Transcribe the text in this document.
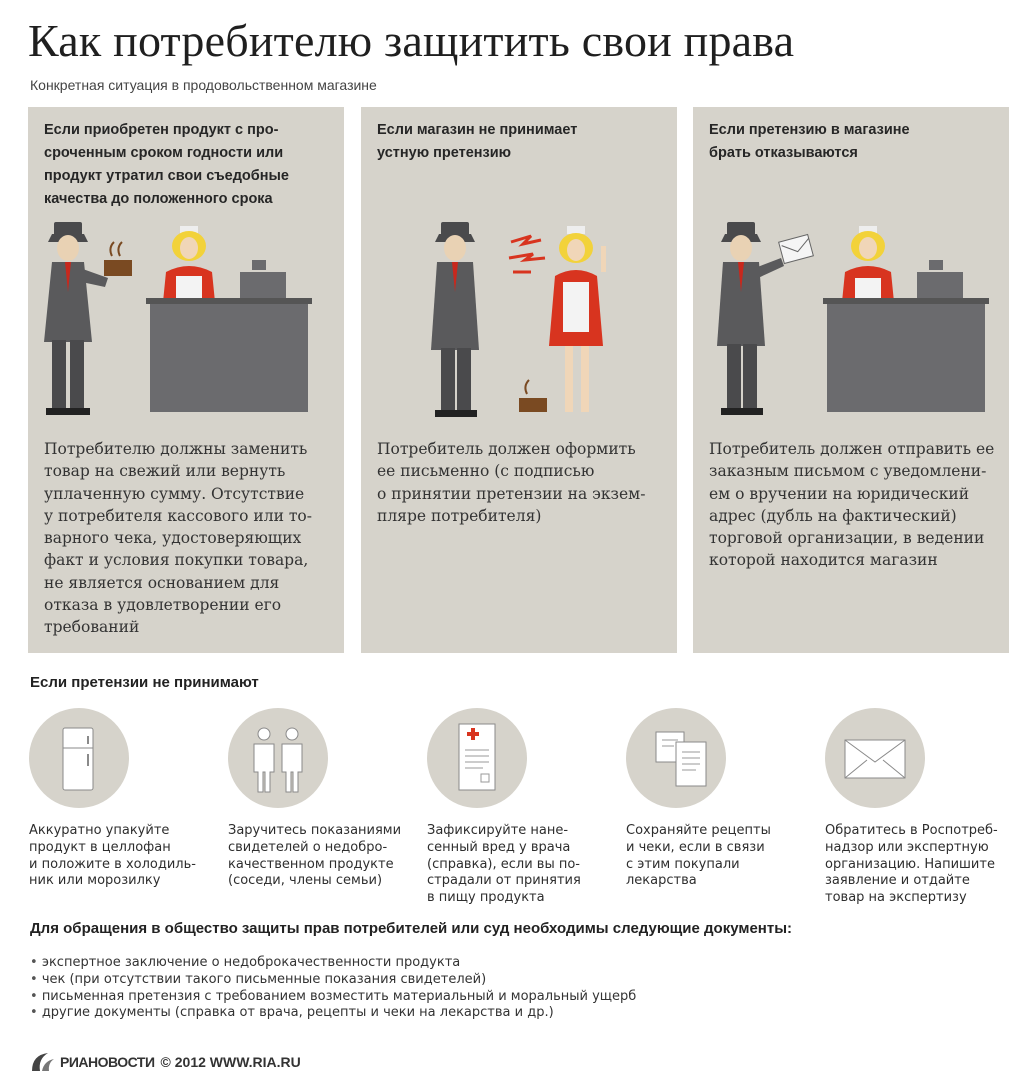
Как потребителю защитить свои права
Конкретная ситуация в продовольственном магазине
Если приобретен продукт с про-
сроченным сроком годности или
продукт утратил свои съедобные
качества до положенного срока
Потребителю должны заменить
товар на свежий или вернуть
уплаченную сумму. Отсутствие
у потребителя кассового или то-
варного чека, удостоверяющих
факт и условия покупки товара,
не является основанием для
отказа в удовлетворении его
требований
Если магазин не принимает
устную претензию
Потребитель должен оформить
ее письменно (с подписью
о принятии претензии на экзем-
пляре потребителя)
Если претензию в магазине
брать отказываются
Потребитель должен отправить ее
заказным письмом с уведомлени-
ем о вручении на юридический
адрес (дубль на фактический)
торговой организации, в ведении
которой находится магазин
Если претензии не принимают
Аккуратно упакуйте
продукт в целлофан
и положите в холодиль-
ник или морозилку
Заручитесь показаниями
свидетелей о недобро-
качественном продукте
(соседи, члены семьи)
Зафиксируйте нане-
сенный вред у врача
(справка), если вы по-
страдали от принятия
в пищу продукта
Сохраняйте рецепты
и чеки, если в связи
с этим покупали
лекарства
Обратитесь в Роспотреб-
надзор или экспертную
организацию. Напишите
заявление и отдайте
товар на экспертизу
Для обращения в общество защиты прав потребителей или суд необходимы следующие документы:
• экспертное заключение о недоброкачественности продукта
• чек (при отсутствии такого письменные показания свидетелей)
• письменная претензия с требованием возместить материальный и моральный ущерб
• другие документы (справка от врача, рецепты и чеки на лекарства и др.)
РИАНОВОСТИ © 2012 WWW.RIA.RU
